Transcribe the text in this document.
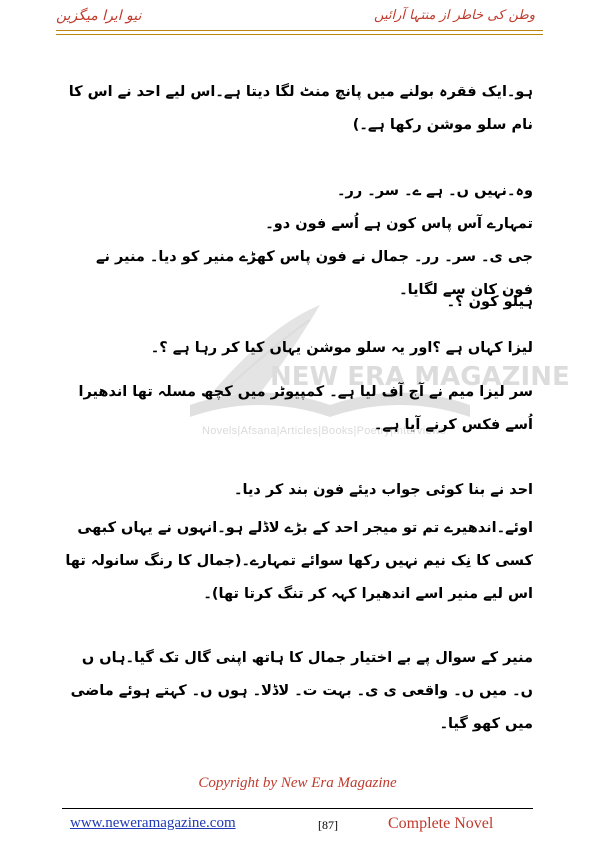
نیو ایرا میگزین	وطن کی خاطر از منتہا آرائیں
NEW ERA MAGAZINE
Novels|Afsana|Articles|Books|Poetry|Interviews

ہو۔ایک فقرہ بولنے میں پانچ منٹ لگا دیتا ہے۔اس لیے احد نے اس کا نام سلو موشن رکھا ہے۔)

وہ۔نہیں ں۔ ہے ے۔ سر۔ رر۔

تمہارے آس پاس کون ہے اُسے فون دو۔

جی ی۔ سر۔ رر۔ جمال نے فون پاس کھڑے منیر کو دیا۔ منیر نے فون کان سے لگایا۔

ہیلو کون ؟۔

لیزا کہاں ہے ؟اور یہ سلو موشن یہاں کیا کر رہا ہے ؟۔

سر لیزا میم نے آج آف لیا ہے۔ کمپیوٹر میں کچھ مسلہ تھا اندھیرا اُسے فکس کرنے آیا ہے۔

احد نے بنا کوئی جواب دیئے فون بند کر دیا۔

اوئے۔اندھیرے تم تو میجر احد کے بڑے لاڈلے ہو۔انہوں نے یہاں کبھی کسی کا نِک نیم نہیں رکھا سوائے تمہارے۔(جمال کا رنگ سانولہ تھا اس لیے منیر اسے اندھیرا کہہ کر تنگ کرتا تھا)۔

منیر کے سوال پے بے اختیار جمال کا ہاتھ اپنی گال تک گیا۔ہاں ں ں۔ میں ں۔ واقعی ی ی۔ بہت ت۔ لاڈلا۔ ہوں ں۔ کہتے ہوئے ماضی میں کھو گیا۔

Copyright by New Era Magazine
www.neweramagazine.com	[87]	Complete Novel
